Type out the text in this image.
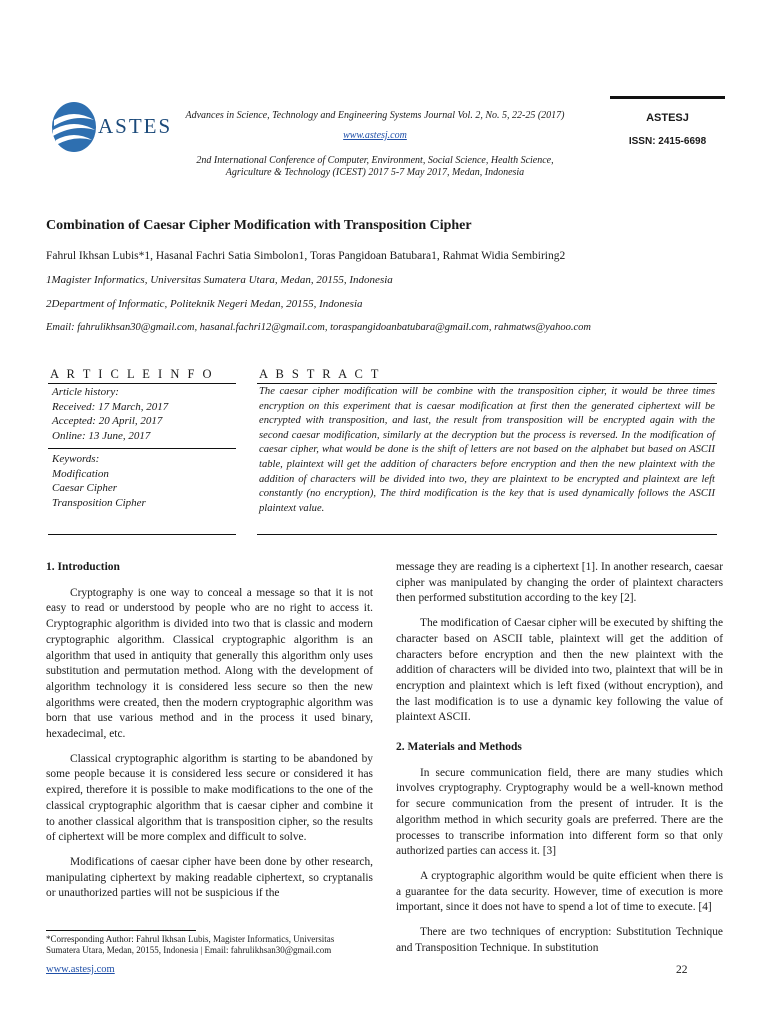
ASTES	Advances in Science, Technology and Engineering Systems Journal Vol. 2, No. 5, 22-25 (2017)
www.astesj.com
2nd International Conference of Computer, Environment, Social Science, Health Science,
Agriculture & Technology (ICEST) 2017 5-7 May 2017, Medan, Indonesia
ASTESJ
ISSN: 2415-6698
Combination of Caesar Cipher Modification with Transposition Cipher
Fahrul Ikhsan Lubis*1, Hasanal Fachri Satia Simbolon1, Toras Pangidoan Batubara1, Rahmat Widia Sembiring2
1Magister Informatics, Universitas Sumatera Utara, Medan, 20155, Indonesia
2Department of Informatic, Politeknik Negeri Medan, 20155, Indonesia
Email: fahrulikhsan30@gmail.com, hasanal.fachri12@gmail.com, toraspangidoanbatubara@gmail.com, rahmatws@yahoo.com
A R T I C L E I N F O	A B S T R A C T
Article history:
Received: 17 March, 2017
Accepted: 20 April, 2017
Online: 13 June, 2017
Keywords:
Modification
Caesar Cipher
Transposition Cipher
The caesar cipher modification will be combine with the transposition cipher, it would be three times encryption on this experiment that is caesar modification at first then the generated ciphertext will be encrypted with transposition, and last, the result from transposition will be encrypted again with the second caesar modification, similarly at the decryption but the process is reversed. In the modification of caesar cipher, what would be done is the shift of letters are not based on the alphabet but based on ASCII table, plaintext will get the addition of characters before encryption and then the new plaintext with the addition of characters will be divided into two, they are plaintext to be encrypted and plaintext are left constantly (no encryption), The third modification is the key that is used dynamically follows the ASCII plaintext value.
1. Introduction

Cryptography is one way to conceal a message so that it is not easy to read or understood by people who are no right to access it. Cryptographic algorithm is divided into two that is classic and modern cryptographic algorithm. Classical cryptographic algorithm is an algorithm that used in antiquity that generally this algorithm only uses substitution and permutation method. Along with the development of algorithm technology it is considered less secure so then the new algorithms were created, then the modern cryptographic algorithm was born that use various method and in the process it used binary, hexadecimal, etc.

Classical cryptographic algorithm is starting to be abandoned by some people because it is considered less secure or considered it has expired, therefore it is possible to make modifications to the one of the classical cryptographic algorithm that is caesar cipher and combine it to another classical algorithm that is transposition cipher, so the results of ciphertext will be more complex and difficult to solve.

Modifications of caesar cipher have been done by other research, manipulating ciphertext by making readable ciphertext, so cryptanalis or unauthorized parties will not be suspicious if the

message they are reading is a ciphertext [1]. In another research, caesar cipher was manipulated by changing the order of plaintext characters then performed substitution according to the key [2].

The modification of Caesar cipher will be executed by shifting the character based on ASCII table, plaintext will get the addition of characters before encryption and then the new plaintext with the addition of characters will be divided into two, plaintext that will be in encryption and plaintext which is left fixed (without encryption), and the last modification is to use a dynamic key following the value of plaintext ASCII.

2. Materials and Methods

In secure communication field, there are many studies which involves cryptography. Cryptography would be a well-known method for secure communication from the present of intruder. It is the algorithm method in which security goals are preferred. There are the processes to transcribe information into different form so that only authorized parties can access it. [3]

A cryptographic algorithm would be quite efficient when there is a guarantee for the data security. However, time of execution is more important, since it does not have to spend a lot of time to execute. [4]

There are two techniques of encryption: Substitution Technique and Transposition Technique. In substitution

*Corresponding Author: Fahrul Ikhsan Lubis, Magister Informatics, Universitas Sumatera Utara, Medan, 20155, Indonesia | Email: fahrulikhsan30@gmail.com
www.astesj.com	22
